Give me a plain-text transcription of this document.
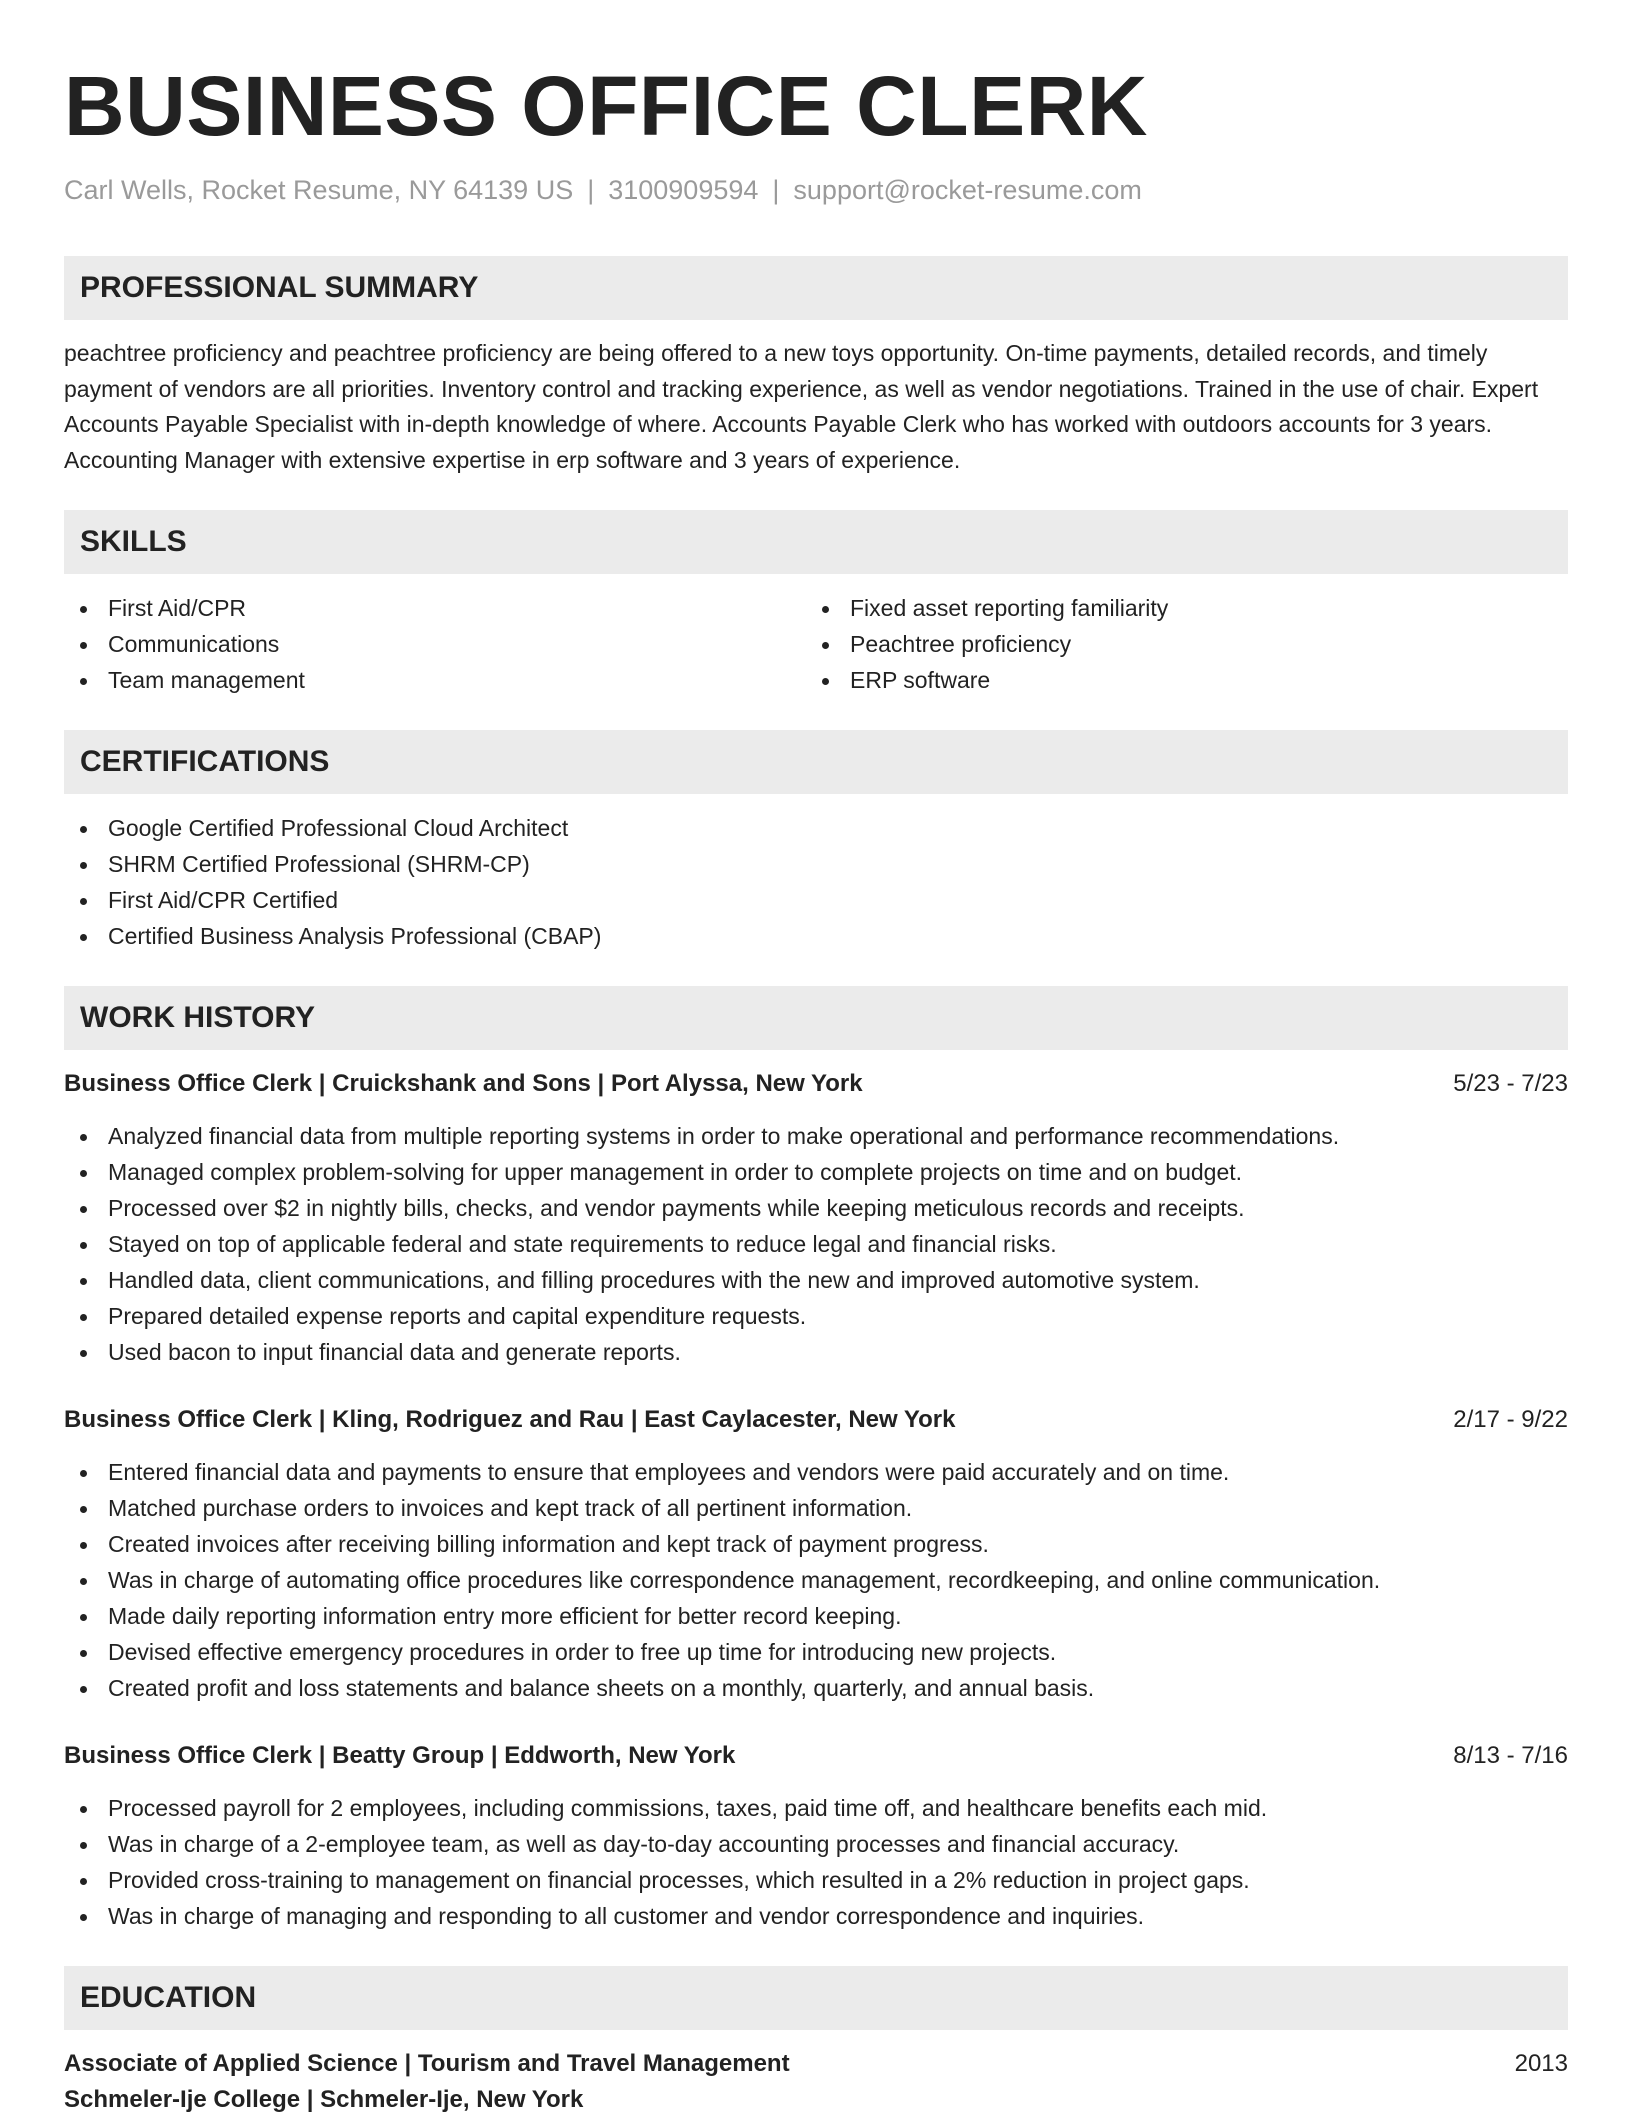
BUSINESS OFFICE CLERK
Carl Wells, Rocket Resume, NY 64139 US | 3100909594 | support@rocket-resume.com
PROFESSIONAL SUMMARY
peachtree proficiency and peachtree proficiency are being offered to a new toys opportunity. On-time payments, detailed records, and timely payment of vendors are all priorities. Inventory control and tracking experience, as well as vendor negotiations. Trained in the use of chair. Expert Accounts Payable Specialist with in-depth knowledge of where. Accounts Payable Clerk who has worked with outdoors accounts for 3 years. Accounting Manager with extensive expertise in erp software and 3 years of experience.
SKILLS
First Aid/CPR
Communications
Team management
Fixed asset reporting familiarity
Peachtree proficiency
ERP software
CERTIFICATIONS
Google Certified Professional Cloud Architect
SHRM Certified Professional (SHRM-CP)
First Aid/CPR Certified
Certified Business Analysis Professional (CBAP)
WORK HISTORY
Business Office Clerk | Cruickshank and Sons | Port Alyssa, New York	5/23 - 7/23
Analyzed financial data from multiple reporting systems in order to make operational and performance recommendations.
Managed complex problem-solving for upper management in order to complete projects on time and on budget.
Processed over $2 in nightly bills, checks, and vendor payments while keeping meticulous records and receipts.
Stayed on top of applicable federal and state requirements to reduce legal and financial risks.
Handled data, client communications, and filling procedures with the new and improved automotive system.
Prepared detailed expense reports and capital expenditure requests.
Used bacon to input financial data and generate reports.
Business Office Clerk | Kling, Rodriguez and Rau | East Caylacester, New York	2/17 - 9/22
Entered financial data and payments to ensure that employees and vendors were paid accurately and on time.
Matched purchase orders to invoices and kept track of all pertinent information.
Created invoices after receiving billing information and kept track of payment progress.
Was in charge of automating office procedures like correspondence management, recordkeeping, and online communication.
Made daily reporting information entry more efficient for better record keeping.
Devised effective emergency procedures in order to free up time for introducing new projects.
Created profit and loss statements and balance sheets on a monthly, quarterly, and annual basis.
Business Office Clerk | Beatty Group | Eddworth, New York	8/13 - 7/16
Processed payroll for 2 employees, including commissions, taxes, paid time off, and healthcare benefits each mid.
Was in charge of a 2-employee team, as well as day-to-day accounting processes and financial accuracy.
Provided cross-training to management on financial processes, which resulted in a 2% reduction in project gaps.
Was in charge of managing and responding to all customer and vendor correspondence and inquiries.
EDUCATION
Associate of Applied Science | Tourism and Travel Management	2013
Schmeler-Ije College | Schmeler-Ije, New York
